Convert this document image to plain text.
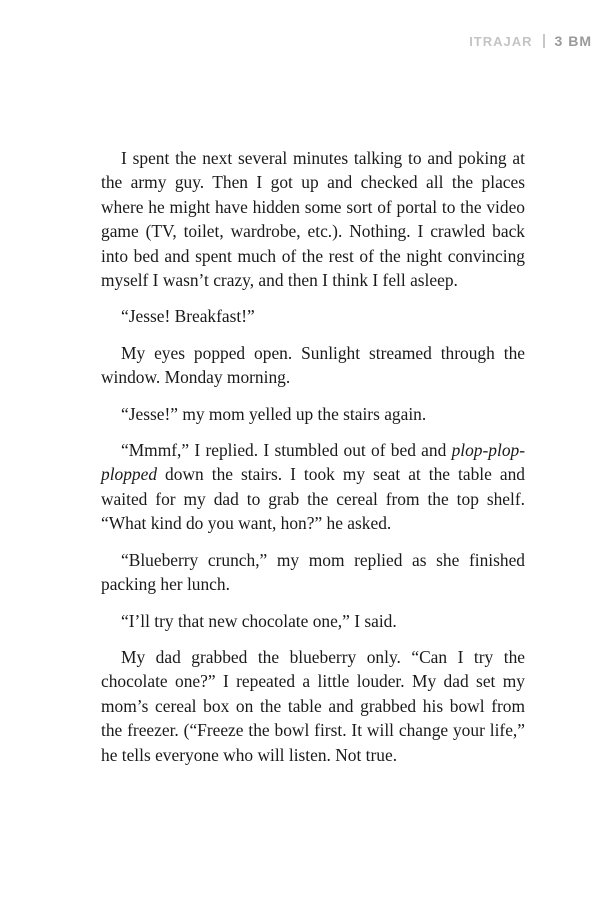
ITRAJAR 3 BM

I spent the next several minutes talking to and poking at the army guy. Then I got up and checked all the places where he might have hidden some sort of portal to the video game (TV, toilet, wardrobe, etc.). Nothing. I crawled back into bed and spent much of the rest of the night convincing myself I wasn’t crazy, and then I think I fell asleep.

“Jesse! Breakfast!”

My eyes popped open. Sunlight streamed through the window. Monday morning.

“Jesse!” my mom yelled up the stairs again.

“Mmmf,” I replied. I stumbled out of bed and plop-plop-plopped down the stairs. I took my seat at the table and waited for my dad to grab the cereal from the top shelf. “What kind do you want, hon?” he asked.

“Blueberry crunch,” my mom replied as she finished packing her lunch.

“I’ll try that new chocolate one,” I said.

My dad grabbed the blueberry only. “Can I try the chocolate one?” I repeated a little louder. My dad set my mom’s cereal box on the table and grabbed his bowl from the freezer. (“Freeze the bowl first. It will change your life,” he tells everyone who will listen. Not true.
